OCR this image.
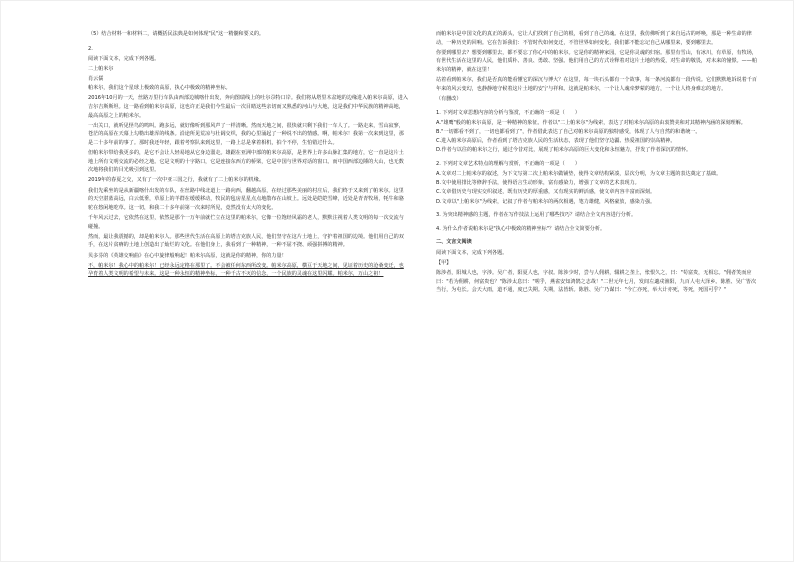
（5）结合材料一和材料二，请概括民法典是如何体现"民"这一精髓和要义的。

2.

阅读下面文本，完成下列各题。

二上帕米尔

肖云儒

帕米尔，我们这个星球上极致的高原，执心中极致的精神坐标。

2016年10月的一天，丝路万里行车队由西部边城喀什出发，奔向图瑞线上的吐尔尕特口岸。我们将从塔里木盆地的边缘进入帕米尔高原，进入吉尔吉斯斯坦。这一路看到帕米尔高原，这也许正是我们今生最后一次目睹这些亲切而又熟悉的河山与大地，这是我们中华民族的精神高地，最高高原之上的帕米尔。

一出关口，就听见怪鸟的鸣叫。跑多远，就好像听到那风声了一样清晰。然而天地之间，很快就只剩下我们一车人了。一路走来，雪山寂寥，苍茫的高原在天幕上勾勒出雄浑的线条。沿途所见荒凉与壮阔交织，我的心里涌起了一种说不出的情感。啊，帕米尔！我第一次来到这里，那是二十多年前的事了。那时我还年轻，跟着考察队来到这里，一路上总是拿着相机，拍个不停，生怕错过什么。

但帕米尔带给我更多的，是它不会让人轻易地从它身边溜走。雄踞在亚洲中部的帕米尔高原，是世界上许多山脉汇集的地方，它一直是这片土地上所有文明交流的必经之地。它是文明的十字路口，它是连接东西方的桥梁，它是中国与世界对话的窗口。而中国西部边陲的大山，也无数次地将我们的目光吸引到这里。

2019年的春夏之交，又有了一次中亚三国之行，我就有了二上帕米尔的机缘。

我们先乘坐的是从新疆喀什出发的车队，在丝路中线北道上一路向西，翻越高原，在经过那些美丽的村庄后，我们终于又来到了帕米尔。这里的天空湛蓝高远，白云低垂，草原上的羊群在缓缓移动，牧民的毡房星星点点地散布在山坡上。远处是皑皑雪峰，近处是青青牧场，牦牛和骆驼在悠闲地吃草。这一切，和我二十多年前第一次来时所见，竟然没有太大的变化。

千年风云过去，它依然在这里，依然是那个一万年前就伫立在这里的帕米尔，它像一位饱经风霜的老人，默默注视着人类文明的每一次交流与碰撞。

然而，最让我震撼的，却是帕米尔人。那些世代生活在高原上的塔吉克族人民，他们坚守在这片土地上，守护着祖国的边境。他们用自己的双手，在这片贫瘠的土地上创造出了灿烂的文化。在他们身上，我看到了一种精神，一种不屈不挠、顽强拼搏的精神。

贝多芬的《英雄交响曲》在心中旋律般响起！帕米尔高原，这就是你的精神，你的力量！

不，帕米尔！我心中的帕米尔！已经永远定格在那里了。不会被任何东西所改变。帕米尔高原，横亘于天地之间，见证着历史的沧桑变迁，也孕育着人类文明的希望与未来。这是一种永恒的精神坐标，一种千古不灭的信念，一个民族的灵魂在这里闪耀。帕米尔，万山之祖！

而帕米尔是中国文化的真正的源头，它让人们找到了自己的根，看到了自己的魂。在这里，我仿佛听到了来自远古的呼唤，那是一种生命的律动，一种历史的回响。它在告诉我们：不管时代如何变迁，不管世界如何变化，我们都不能忘记自己从哪里来，要到哪里去。

你要到哪里去？想要到哪里去，都不要忘了你心中的帕米尔。它是你的精神家园，它是你灵魂的归宿。那里有雪山，有冰川，有草原，有牧场，有世代生活在这里的人民，他们质朴、善良、勇敢、坚强。他们用自己的方式诠释着对这片土地的热爱，对生命的敬畏，对未来的憧憬。——帕米尔的精神，就在这里！

站着看到帕米尔，我们是否真的能看懂它的深沉与博大？在这里，每一块石头都有一个故事，每一条河流都有一段传说。它们默默地诉说着千百年来的风云变幻，也静静地守候着这片土地的安宁与祥和。这就是帕米尔，一个让人魂牵梦萦的地方，一个让人终身难忘的地方。

（有删改）

1. 下列对文章思想内容的分析与鉴赏，不正确的一项是（　　）

A."雄鹰"般的帕米尔高原，是一种精神的象征。作者以"二上帕米尔"为线索，表达了对帕米尔高原的由衷赞美和对其精神内涵的深刻理解。

B."一切都看不到了，一切也都看到了"，作者借此表达了自己对帕米尔高原的独特感受，体现了人与自然的和谐统一。

C.进入帕米尔高原后，作者看到了塔吉克族人民的生活状态，表现了他们坚守边疆、热爱祖国的崇高精神。

D.作者与以往的帕米尔之行，通过今昔对比，展现了帕米尔高原的巨大变化和永恒魅力，抒发了作者深沉的情怀。

2. 下列对文章艺术特点的理解与赏析，不正确的一项是（　　）

A.文章对二上帕米尔的叙述，为下文写第二次上帕米尔做铺垫，使得文章结构紧凑，层次分明，为文章主题的表达奠定了基础。

B.文中使用排比等修辞手法，使得语言生动形象，富有感染力，增强了文章的艺术表现力。

C.文章借历史与现实交织叙述，既有历史的厚重感，又有现实的鲜活感，使文章内容丰富而深刻。

D.文章以"上帕米尔"为线索，记叙了作者与帕米尔的两次相遇，笔力雄健，风格豪放，感染力强。

3. 为突出精神感的主题，作者在写作技法上运用了哪些技巧？请结合全文内容进行分析。

4. 为什么作者说帕米尔是"执心中极致的精神坐标"？请结合全文简要分析。

二、文言文阅读

阅读下面文本，完成下列各题。

【甲】

陈涉者，阳城人也，字涉。吴广者，阳夏人也，字叔。陈涉少时，尝与人佣耕，辍耕之垄上，怅恨久之，曰："苟富贵，无相忘。"佣者笑而应曰："若为佣耕，何富贵也？"陈涉太息曰："嗟乎，燕雀安知鸿鹄之志哉！"二世元年七月，发闾左適戍渔阳，九百人屯大泽乡。陈胜、吴广皆次当行，为屯长。会天大雨，道不通，度已失期。失期，法皆斩。陈胜、吴广乃谋曰："今亡亦死，举大计亦死，等死，死国可乎？"
